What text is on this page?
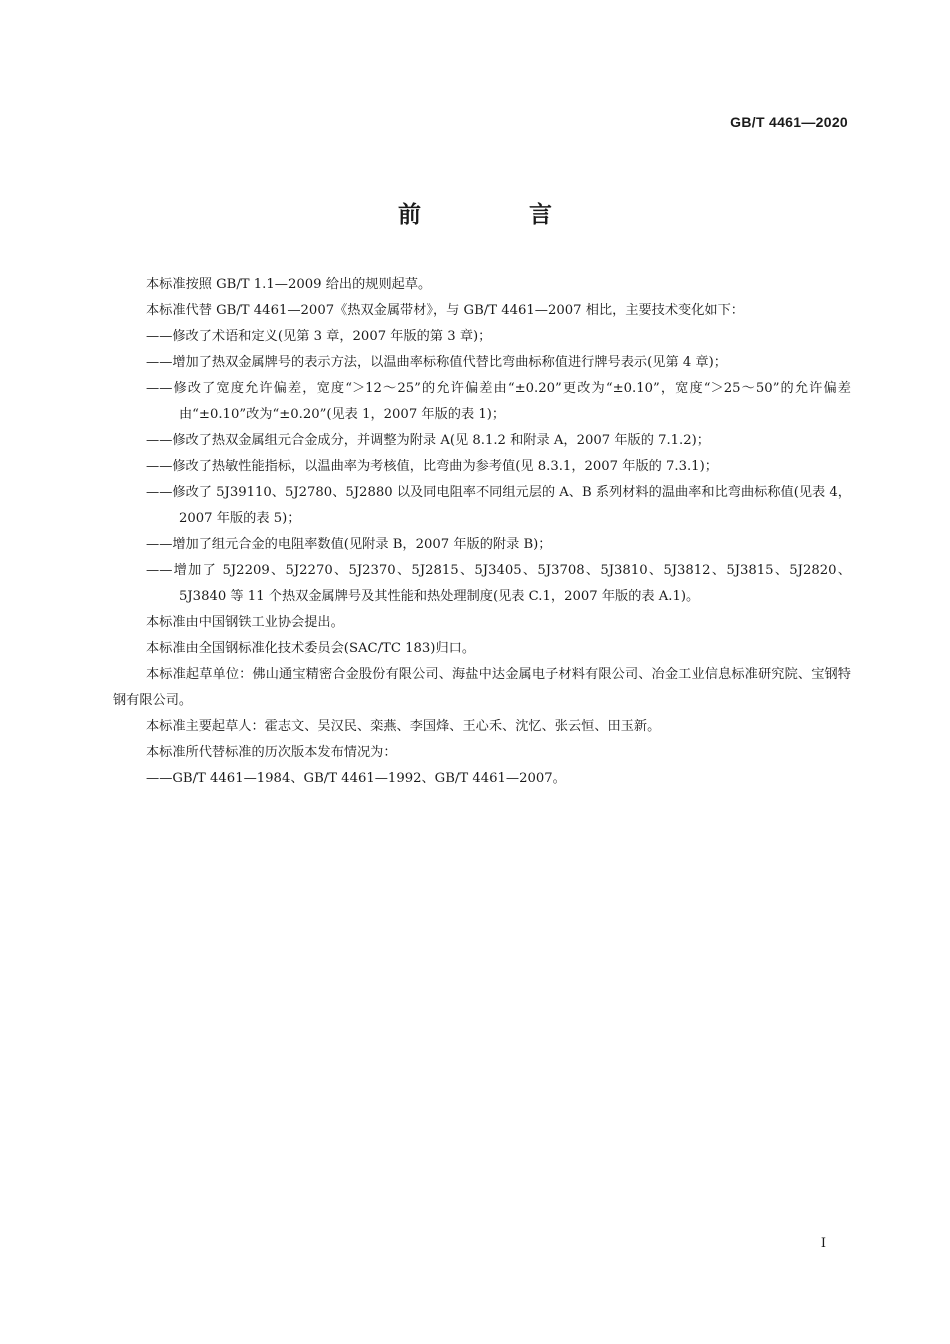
GB/T 4461—2020
前 言

本标准按照 GB/T 1.1—2009 给出的规则起草。

本标准代替 GB/T 4461—2007《热双金属带材》，与 GB/T 4461—2007 相比，主要技术变化如下：

——修改了术语和定义(见第 3 章，2007 年版的第 3 章)；

——增加了热双金属牌号的表示方法，以温曲率标称值代替比弯曲标称值进行牌号表示(见第 4 章)；

——修改了宽度允许偏差，宽度“＞12～25”的允许偏差由“±0.20”更改为“±0.10”，宽度“＞25～50”的允许偏差由“±0.10”改为“±0.20”(见表 1，2007 年版的表 1)；

——修改了热双金属组元合金成分，并调整为附录 A(见 8.1.2 和附录 A，2007 年版的 7.1.2)；

——修改了热敏性能指标，以温曲率为考核值，比弯曲为参考值(见 8.3.1，2007 年版的 7.3.1)；

——修改了 5J39110、5J2780、5J2880 以及同电阻率不同组元层的 A、B 系列材料的温曲率和比弯曲标称值(见表 4，2007 年版的表 5)；

——增加了组元合金的电阻率数值(见附录 B，2007 年版的附录 B)；

——增加了 5J2209、5J2270、5J2370、5J2815、5J3405、5J3708、5J3810、5J3812、5J3815、5J2820、5J3840 等 11 个热双金属牌号及其性能和热处理制度(见表 C.1，2007 年版的表 A.1)。

本标准由中国钢铁工业协会提出。

本标准由全国钢标准化技术委员会(SAC/TC 183)归口。

本标准起草单位：佛山通宝精密合金股份有限公司、海盐中达金属电子材料有限公司、冶金工业信息标准研究院、宝钢特钢有限公司。

本标准主要起草人：霍志文、吴汉民、栾燕、李国烽、王心禾、沈忆、张云恒、田玉新。

本标准所代替标准的历次版本发布情况为：

——GB/T 4461—1984、GB/T 4461—1992、GB/T 4461—2007。

I
